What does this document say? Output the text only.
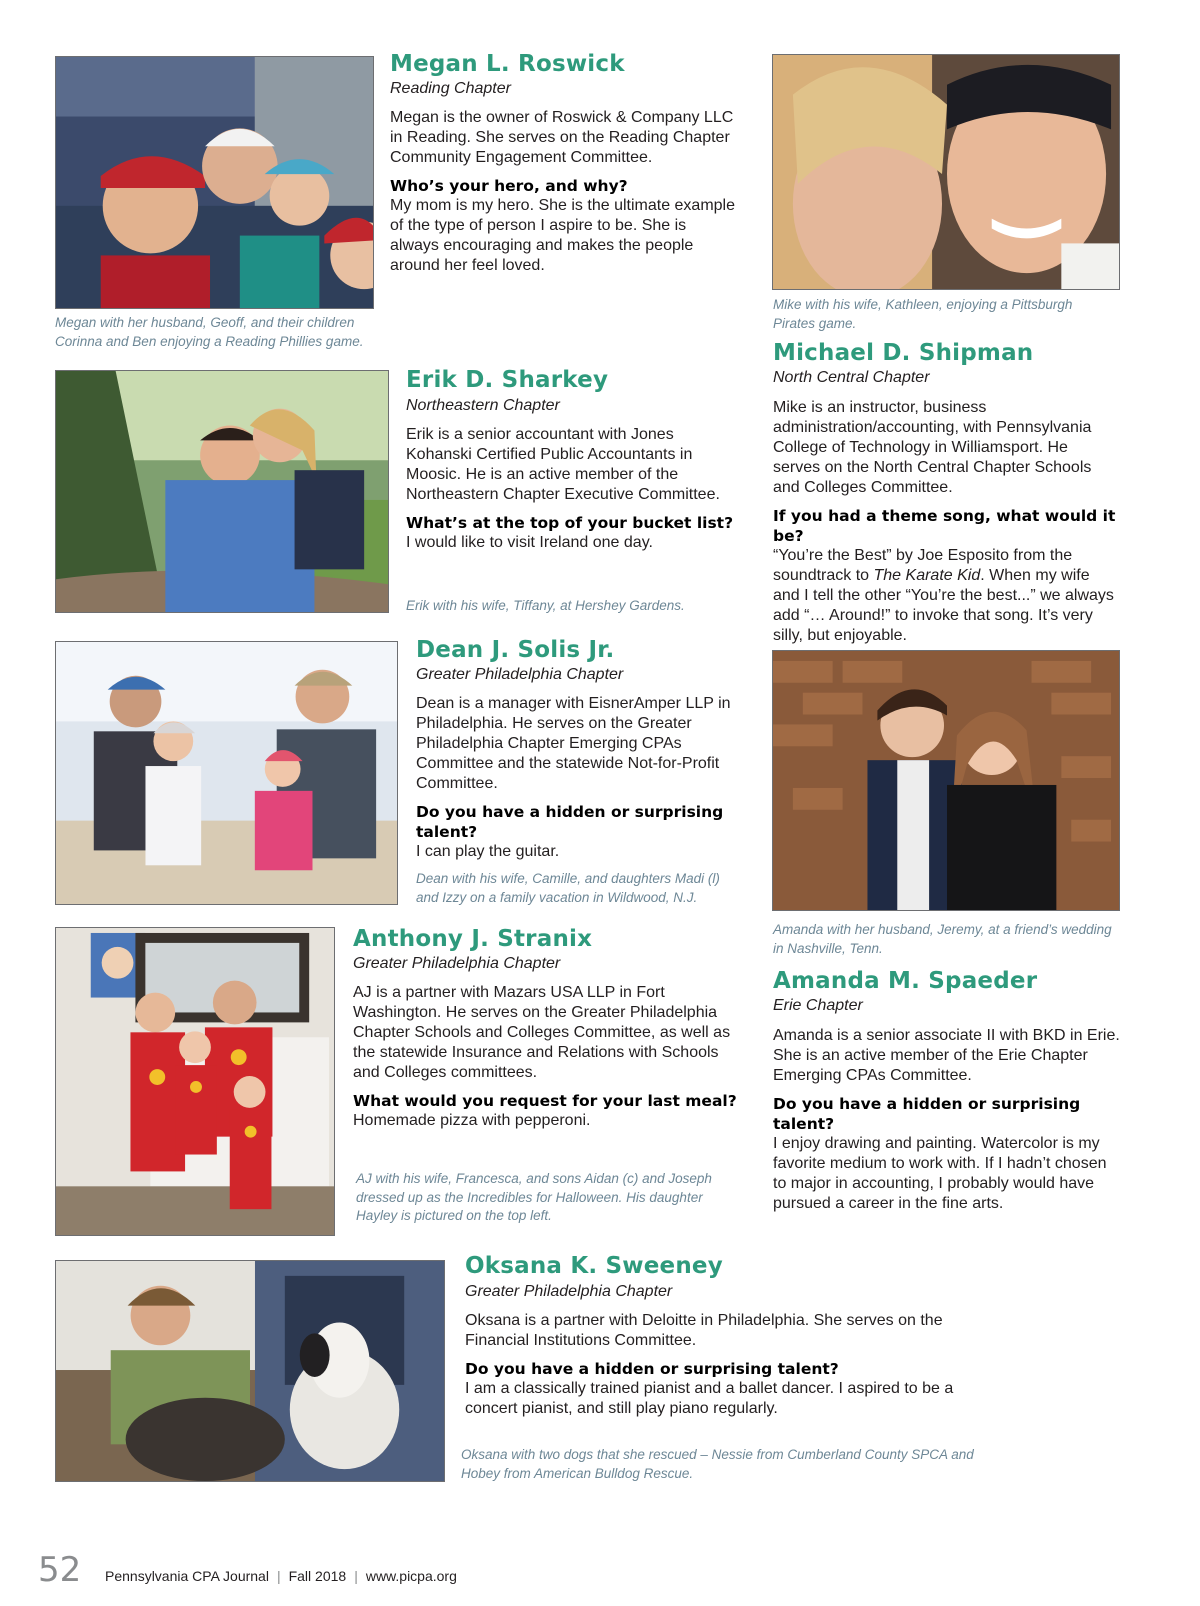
Megan L. Roswick
Reading Chapter

Megan is the owner of Roswick & Company LLC in Reading. She serves on the Reading Chapter Community Engagement Committee.

Who’s your hero, and why?

My mom is my hero. She is the ultimate example of the type of person I aspire to be. She is always encouraging and makes the people around her feel loved.

Megan with her husband, Geoff, and their children Corinna and Ben enjoying a Reading Phillies game.
Mike with his wife, Kathleen, enjoying a Pittsburgh Pirates game.
Michael D. Shipman
North Central Chapter

Mike is an instructor, business administration/accounting, with Pennsylvania College of Technology in Williamsport. He serves on the North Central Chapter Schools and Colleges Committee.

If you had a theme song, what would it be?

“You’re the Best” by Joe Esposito from the soundtrack to The Karate Kid. When my wife and I tell the other “You’re the best...” we always add “… Around!” to invoke that song. It’s very silly, but enjoyable.

Erik D. Sharkey
Northeastern Chapter

Erik is a senior accountant with Jones Kohanski Certified Public Accountants in Moosic. He is an active member of the Northeastern Chapter Executive Committee.

What’s at the top of your bucket list?

I would like to visit Ireland one day.

Erik with his wife, Tiffany, at Hershey Gardens.
Dean J. Solis Jr.
Greater Philadelphia Chapter

Dean is a manager with EisnerAmper LLP in Philadelphia. He serves on the Greater Philadelphia Chapter Emerging CPAs Committee and the statewide Not-for-Profit Committee.

Do you have a hidden or surprising talent?

I can play the guitar.

Dean with his wife, Camille, and daughters Madi (l) and Izzy on a family vacation in Wildwood, N.J.
Amanda with her husband, Jeremy, at a friend’s wedding in Nashville, Tenn.
Amanda M. Spaeder
Erie Chapter

Amanda is a senior associate II with BKD in Erie. She is an active member of the Erie Chapter Emerging CPAs Committee.

Do you have a hidden or surprising talent?

I enjoy drawing and painting. Watercolor is my favorite medium to work with. If I hadn’t chosen to major in accounting, I probably would have pursued a career in the fine arts.

Anthony J. Stranix
Greater Philadelphia Chapter

AJ is a partner with Mazars USA LLP in Fort Washington. He serves on the Greater Philadelphia Chapter Schools and Colleges Committee, as well as the statewide Insurance and Relations with Schools and Colleges committees.

What would you request for your last meal?

Homemade pizza with pepperoni.

AJ with his wife, Francesca, and sons Aidan (c) and Joseph dressed up as the Incredibles for Halloween. His daughter Hayley is pictured on the top left.
Oksana K. Sweeney
Greater Philadelphia Chapter

Oksana is a partner with Deloitte in Philadelphia. She serves on the Financial Institutions Committee.

Do you have a hidden or surprising talent?

I am a classically trained pianist and a ballet dancer. I aspired to be a concert pianist, and still play piano regularly.

Oksana with two dogs that she rescued – Nessie from Cumberland County SPCA and Hobey from American Bulldog Rescue.
52 Pennsylvania CPA Journal | Fall 2018 | www.picpa.org
